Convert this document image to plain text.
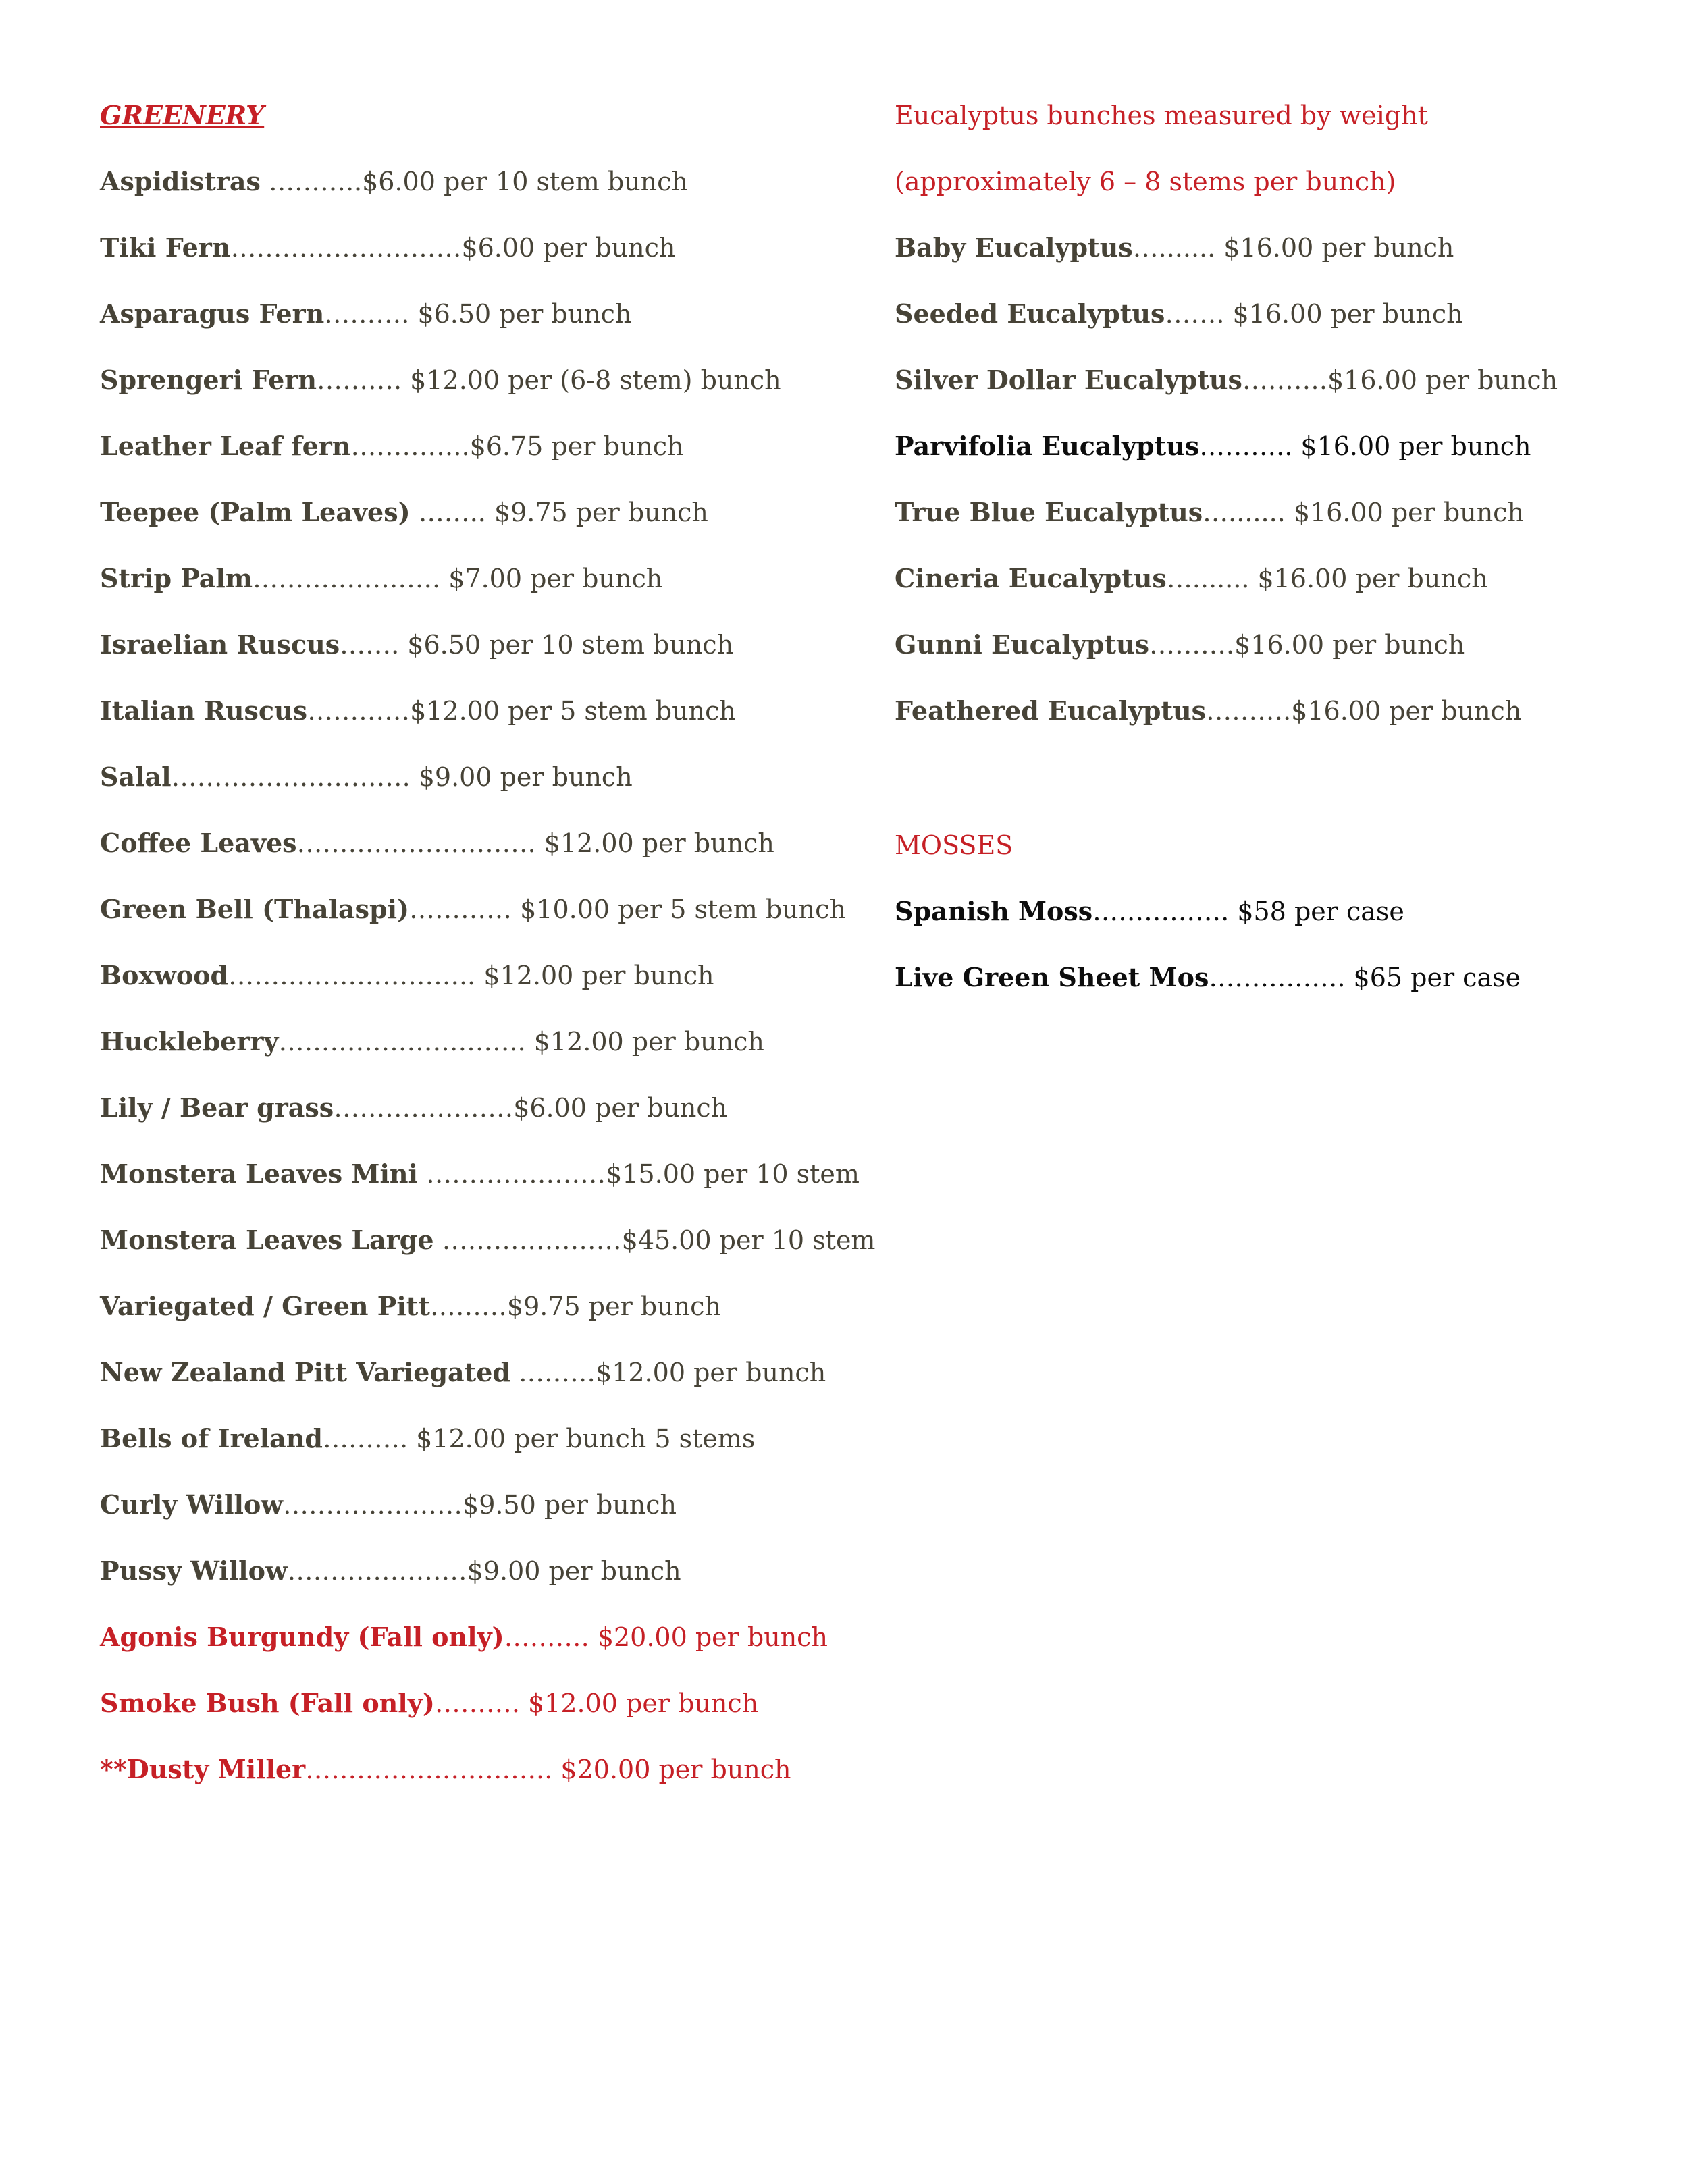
GREENERY
Aspidistras ………..$6.00 per 10 stem bunch
Tiki Fern………………………$6.00 per bunch
Asparagus Fern………. $6.50 per bunch
Sprengeri Fern………. $12.00 per (6-8 stem) bunch
Leather Leaf fern…………..$6.75 per bunch
Teepee (Palm Leaves) …….. $9.75 per bunch
Strip Palm…………………. $7.00 per bunch
Israelian Ruscus……. $6.50 per 10 stem bunch
Italian Ruscus…………$12.00 per 5 stem bunch
Salal………………………. $9.00 per bunch
Coffee Leaves………………………. $12.00 per bunch
Green Bell (Thalaspi)………… $10.00 per 5 stem bunch
Boxwood……………………….. $12.00 per bunch
Huckleberry……………………….. $12.00 per bunch
Lily / Bear grass…………………$6.00 per bunch
Monstera Leaves Mini …………………$15.00 per 10 stem
Monstera Leaves Large …………………$45.00 per 10 stem
Variegated / Green Pitt………$9.75 per bunch
New Zealand Pitt Variegated ………$12.00 per bunch
Bells of Ireland………. $12.00 per bunch 5 stems
Curly Willow…………………$9.50 per bunch
Pussy Willow…………………$9.00 per bunch
Agonis Burgundy (Fall only)………. $20.00 per bunch
Smoke Bush (Fall only)………. $12.00 per bunch
**Dusty Miller……………………….. $20.00 per bunch
Eucalyptus bunches measured by weight
(approximately 6 – 8 stems per bunch)
Baby Eucalyptus…....... $16.00 per bunch
Seeded Eucalyptus……. $16.00 per bunch
Silver Dollar Eucalyptus……….$16.00 per bunch
Parvifolia Eucalyptus……….. $16.00 per bunch
True Blue Eucalyptus…....... $16.00 per bunch
Cineria Eucalyptus…....... $16.00 per bunch
Gunni Eucalyptus……….$16.00 per bunch
Feathered Eucalyptus……….$16.00 per bunch
MOSSES
Spanish Moss……………. $58 per case
Live Green Sheet Mos……………. $65 per case
